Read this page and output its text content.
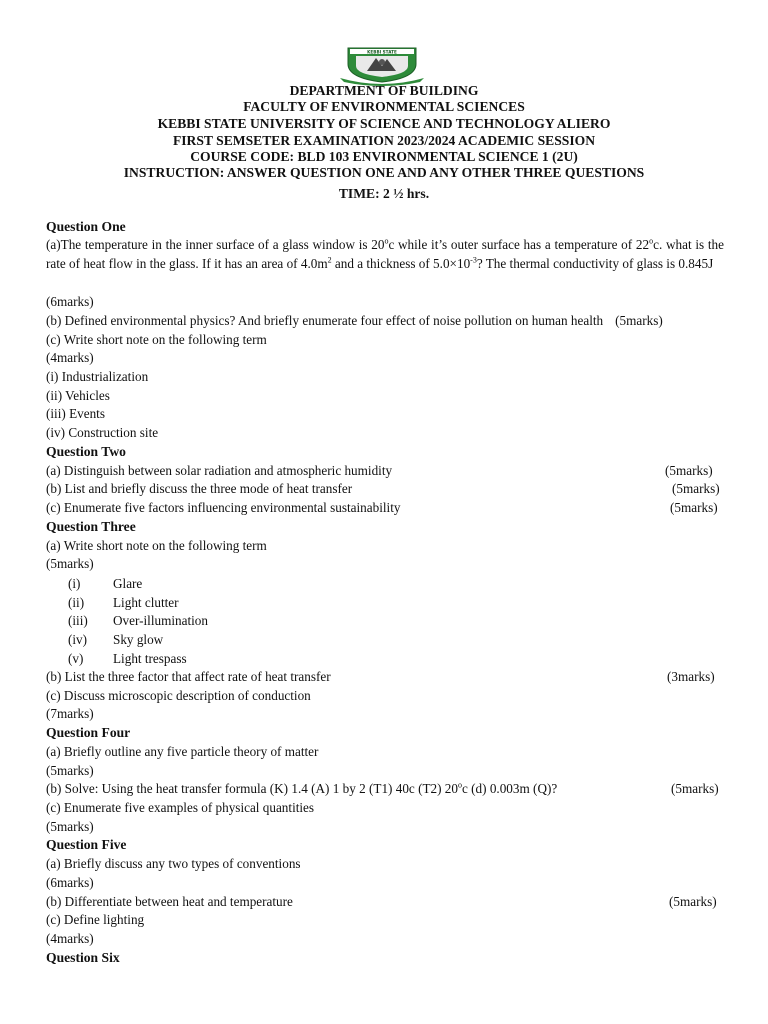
KEBBI STATE
DEPARTMENT OF BUILDING
FACULTY OF ENVIRONMENTAL SCIENCES
KEBBI STATE UNIVERSITY OF SCIENCE AND TECHNOLOGY ALIERO
FIRST SEMSETER EXAMINATION 2023/2024 ACADEMIC SESSION
COURSE CODE: BLD 103 ENVIRONMENTAL SCIENCE 1 (2U)
INSTRUCTION: ANSWER QUESTION ONE AND ANY OTHER THREE QUESTIONS
TIME: 2 ½ hrs.
Question One
(a)The temperature in the inner surface of a glass window is 20$^o$c while it’s outer surface has a temperature of 22$^o$c. what is the rate of heat flow in the glass. If it has an area of $4.0m^2$ and a thickness of $5.0\times 10^{-3}$? The thermal conductivity of glass is 0.845J
(6marks)
(b) Defined environmental physics? And briefly enumerate four effect of noise pollution on human health (5marks)
(c) Write short note on the following term
(4marks)
(i) Industrialization
(ii) Vehicles
(iii) Events
(iv) Construction site
Question Two
(a) Distinguish between solar radiation and atmospheric humidity	(5marks)
(b) List and briefly discuss the three mode of heat transfer	(5marks)
(c) Enumerate five factors influencing environmental sustainability	(5marks)
Question Three
(a) Write short note on the following term
(5marks)
(i) Glare
(ii) Light clutter
(iii) Over-illumination
(iv) Sky glow
(v) Light trespass
(b) List the three factor that affect rate of heat transfer	(3marks)
(c) Discuss microscopic description of conduction
(7marks)
Question Four
(a) Briefly outline any five particle theory of matter
(5marks)
(b) Solve: Using the heat transfer formula (K) 1.4 (A) 1 by 2 (T1) 40c (T2) 20$^o$c (d) 0.003m (Q)?	(5marks)
(c) Enumerate five examples of physical quantities
(5marks)
Question Five
(a) Briefly discuss any two types of conventions
(6marks)
(b) Differentiate between heat and temperature	(5marks)
(c) Define lighting
(4marks)
Question Six
